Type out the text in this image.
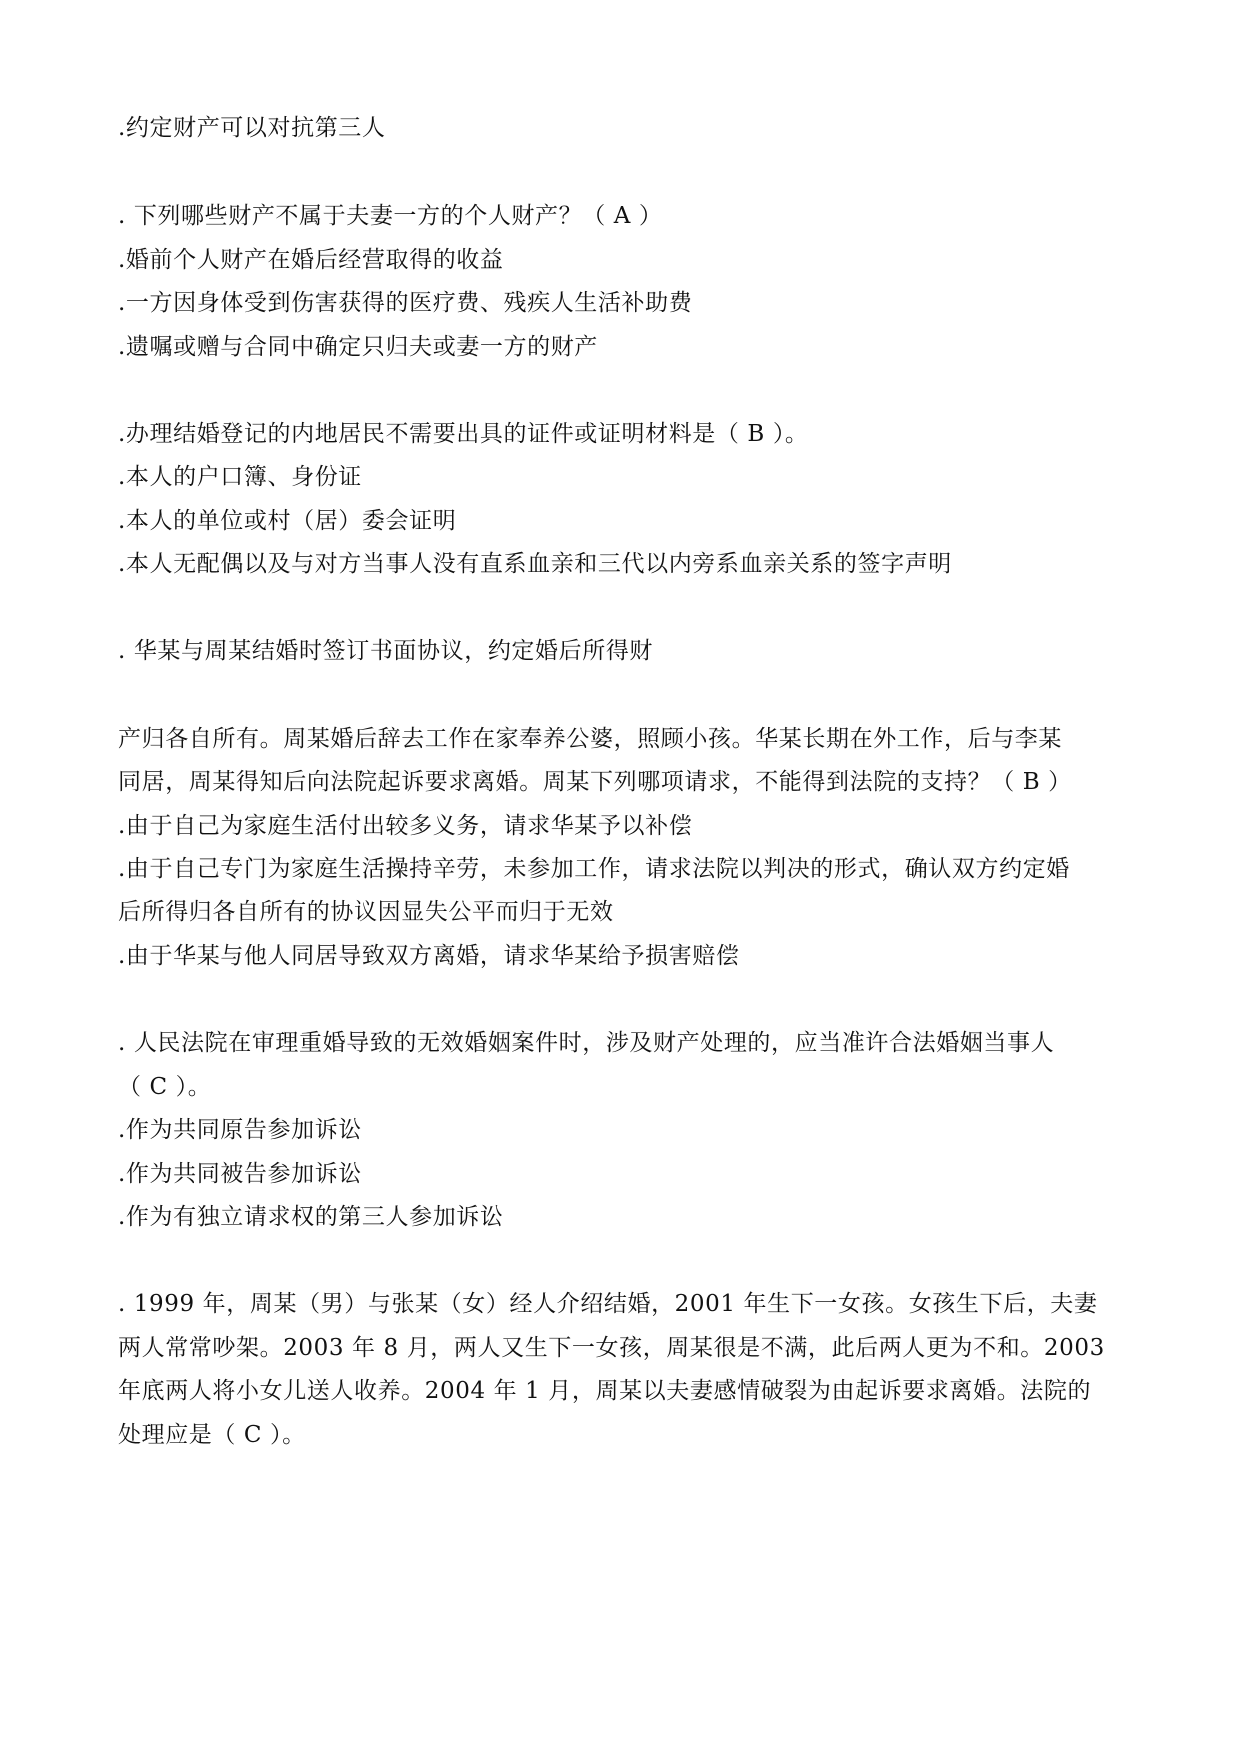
.约定财产可以对抗第三人
. 下列哪些财产不属于夫妻一方的个人财产？（ A ）
.婚前个人财产在婚后经营取得的收益
.一方因身体受到伤害获得的医疗费、残疾人生活补助费
.遗嘱或赠与合同中确定只归夫或妻一方的财产
.办理结婚登记的内地居民不需要出具的证件或证明材料是（ B ）。
.本人的户口簿、身份证
.本人的单位或村（居）委会证明
.本人无配偶以及与对方当事人没有直系血亲和三代以内旁系血亲关系的签字声明
. 华某与周某结婚时签订书面协议，约定婚后所得财
产归各自所有。周某婚后辞去工作在家奉养公婆，照顾小孩。华某长期在外工作，后与李某
同居，周某得知后向法院起诉要求离婚。周某下列哪项请求，不能得到法院的支持？（ B ）
.由于自己为家庭生活付出较多义务，请求华某予以补偿
.由于自己专门为家庭生活操持辛劳，未参加工作，请求法院以判决的形式，确认双方约定婚
后所得归各自所有的协议因显失公平而归于无效
.由于华某与他人同居导致双方离婚，请求华某给予损害赔偿
. 人民法院在审理重婚导致的无效婚姻案件时，涉及财产处理的，应当准许合法婚姻当事人
（ C ）。
.作为共同原告参加诉讼
.作为共同被告参加诉讼
.作为有独立请求权的第三人参加诉讼
. 1999 年，周某（男）与张某（女）经人介绍结婚，2001 年生下一女孩。女孩生下后，夫妻
两人常常吵架。2003 年 8 月，两人又生下一女孩，周某很是不满，此后两人更为不和。2003
年底两人将小女儿送人收养。2004 年 1 月，周某以夫妻感情破裂为由起诉要求离婚。法院的
处理应是（ C ）。
